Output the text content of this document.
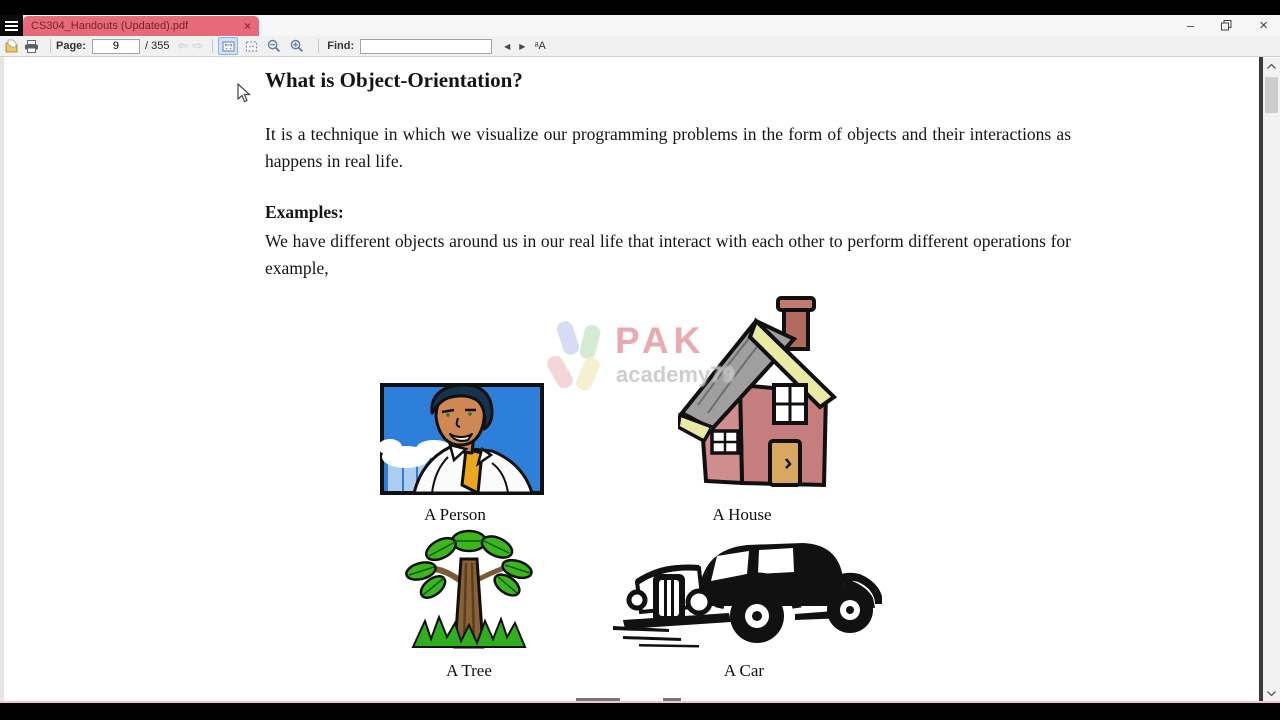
CS304_Handouts (Updated).pdf	×	–	×
Page:
9	/ 355 ⇦ ⇨	Find:	◀ ▶ ᵃA
What is Object-Orientation?
It is a technique in which we visualize our programming problems in the form of objects and their interactions as happens in real life.
Examples:
We have different objects around us in our real life that interact with each other to perform different operations for example,
A Person	A House
A Tree	A Car
PAK
academy79
